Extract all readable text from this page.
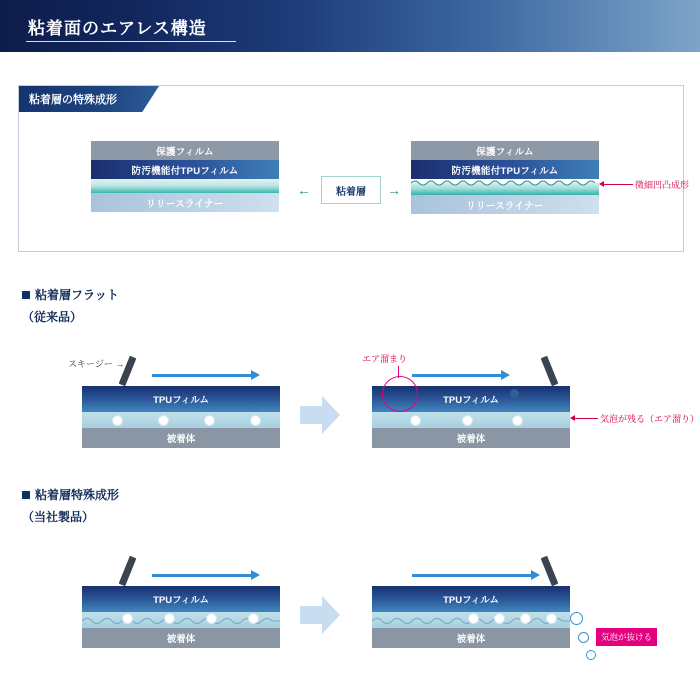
粘着面のエアレス構造
粘着層の特殊成形
保護フィルム
防汚機能付TPUフィルム
リリースライナー
←	粘着層	→
保護フィルム
防汚機能付TPUフィルム
リリースライナー
微細凹凸成形
粘着層フラット
（従来品）
スキージー →
TPUフィルム
被着体
TPUフィルム
被着体
エア溜まり
気泡が残る（エア溜り）
粘着層特殊成形
（当社製品）
TPUフィルム
被着体
TPUフィルム
被着体	気泡が抜ける
